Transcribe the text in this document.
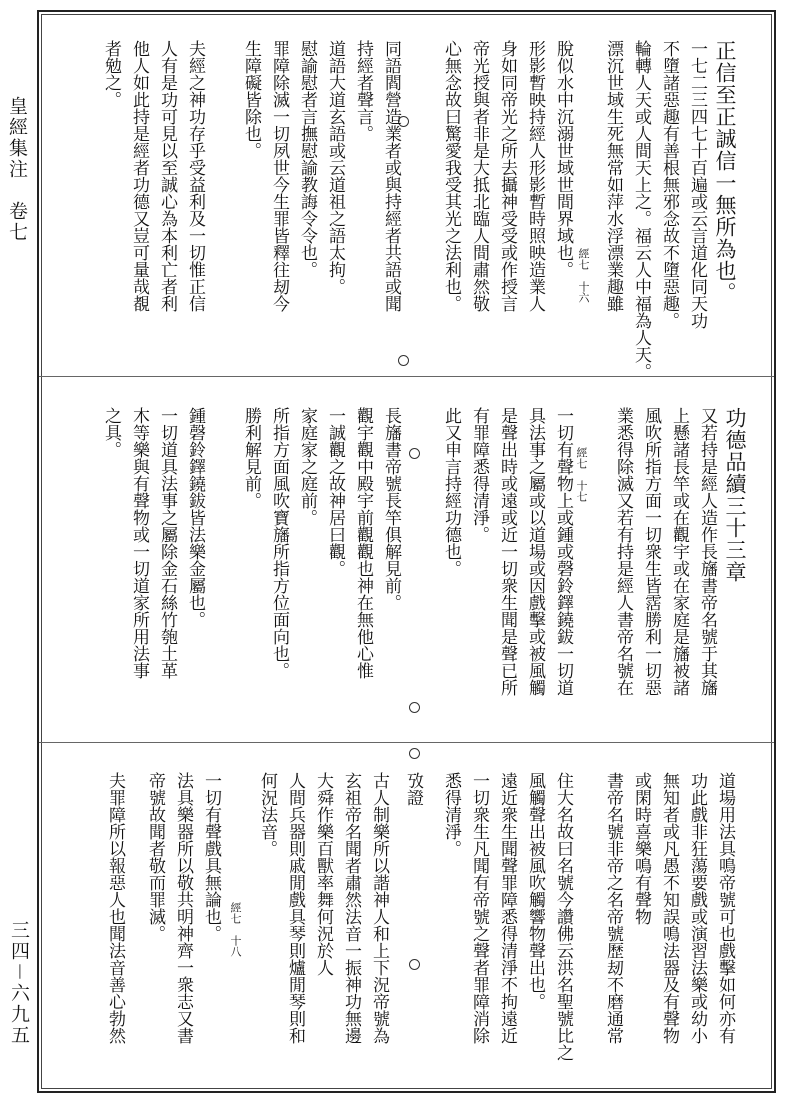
皇經集注　卷七
三四－六九五
經七　十六	正信至正誠信一無所為也。
一七二三四七十百遍或云言道化同天功
不墮諸惡趣有善根無邪念故不墮惡趣。
輪轉人天或人間天上之。福云人中福為人天。
漂沉世域生死無常如萍水浮漂業趣雖
脫似水中沉溺世域世間界域也。
形影暫映持經人形影暫時照映造業人
身如同帝光之所去攝神受受或作授言
帝光授與者非是大抵北臨人間肅然敬
心無念故曰驚愛我受其光之法利也。
同語閻營造業者或與持經者共語或聞
持經者聲言。
道語大道玄語或云道祖之語太拘。
慰諭慰者言撫慰諭教誨令令也。
罪障除滅一切夙世今生罪皆釋往刼今
生障礙皆除也。
夫經之神功存乎受益利及一切惟正信
人有是功可見以至誠心為本利亡者利
他人如此持是經者功德又豈可量哉覩
者勉之。
經七　十七	功德品續三十三章
又若持是經人造作長旛書帝名號于其旛
上懸諸長竿或在觀宇或在家庭是旛被諸
風吹所指方面一切衆生皆霑勝利一切惡
業悉得除滅又若有持是經人書帝名號在
一切有聲物上或鍾或磬鈴鐸鐃鈸一切道
具法事之屬或以道場或因戲擊或被風觸
是聲出時或遠或近一切衆生聞是聲已所
有罪障悉得清淨。
此又申言持經功德也。
長旛書帝號長竿俱解見前。
觀宇觀中殿宇前觀觀也神在無他心惟
一誠觀之故神居曰觀。
家庭家之庭前。
所指方面風吹寶旛所指方位面向也。
勝利解見前。
鍾磬鈴鐸鐃鈸皆法樂金屬也。
一切道具法事之屬除金石絲竹匏土革
木等樂與有聲物或一切道家所用法事
之具。
經七　十八	道場用法具鳴帝號可也戲擊如何亦有
功此戲非狂蕩要戲或演習法樂或幼小
無知者或凡愚不知誤鳴法器及有聲物
或閑時喜樂鳴有聲物
書帝名號非帝之名帝號歷刼不磨通常
住大名故曰名號今讚佛云洪名聖號比之
風觸聲出被風吹觸響物聲出也。
遠近衆生聞聲罪障悉得清淨不拘遠近
一切衆生凡聞有帝號之聲者罪障消除
悉得清淨。
攷證
古人制樂所以諧神人和上下況帝號為
玄祖帝名聞者肅然法音一振神功無邊
大舜作樂百獸率舞何況於人
人間兵器則戚閒戲具琴則爐閒琴則和
何況法音。
一切有聲戲具無論也。
法具樂器所以敬共明神齊一衆志又書
帝號故聞者敬而罪滅。
夫罪障所以報惡人也聞法音善心勃然
